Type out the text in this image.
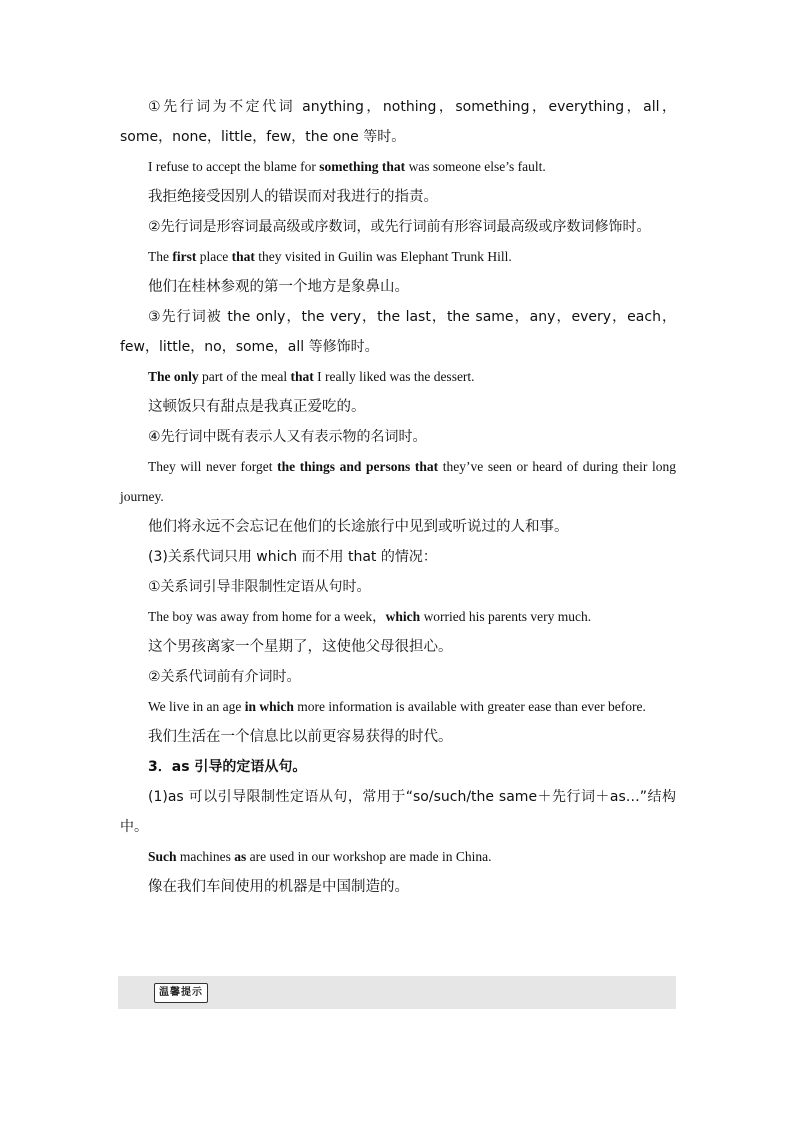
①先行词为不定代词 anything，nothing，something，everything，all，some，none，little，few，the one 等时。

I refuse to accept the blame for something that was someone else’s fault.

我拒绝接受因别人的错误而对我进行的指责。

②先行词是形容词最高级或序数词，或先行词前有形容词最高级或序数词修饰时。

The first place that they visited in Guilin was Elephant Trunk Hill.

他们在桂林参观的第一个地方是象鼻山。

③先行词被 the only，the very，the last，the same，any，every，each，few，little，no，some，all 等修饰时。

The only part of the meal that I really liked was the dessert.

这顿饭只有甜点是我真正爱吃的。

④先行词中既有表示人又有表示物的名词时。

They will never forget the things and persons that they’ve seen or heard of during their long journey.

他们将永远不会忘记在他们的长途旅行中见到或听说过的人和事。

(3)关系代词只用 which 而不用 that 的情况：

①关系词引导非限制性定语从句时。

The boy was away from home for a week，which worried his parents very much.

这个男孩离家一个星期了，这使他父母很担心。

②关系代词前有介词时。

We live in an age in which more information is available with greater ease than ever before.

我们生活在一个信息比以前更容易获得的时代。

3．as 引导的定语从句。

(1)as 可以引导限制性定语从句，常用于“so/such/the same＋先行词＋as…”结构中。

Such machines as are used in our workshop are made in China.

像在我们车间使用的机器是中国制造的。

温馨提示
